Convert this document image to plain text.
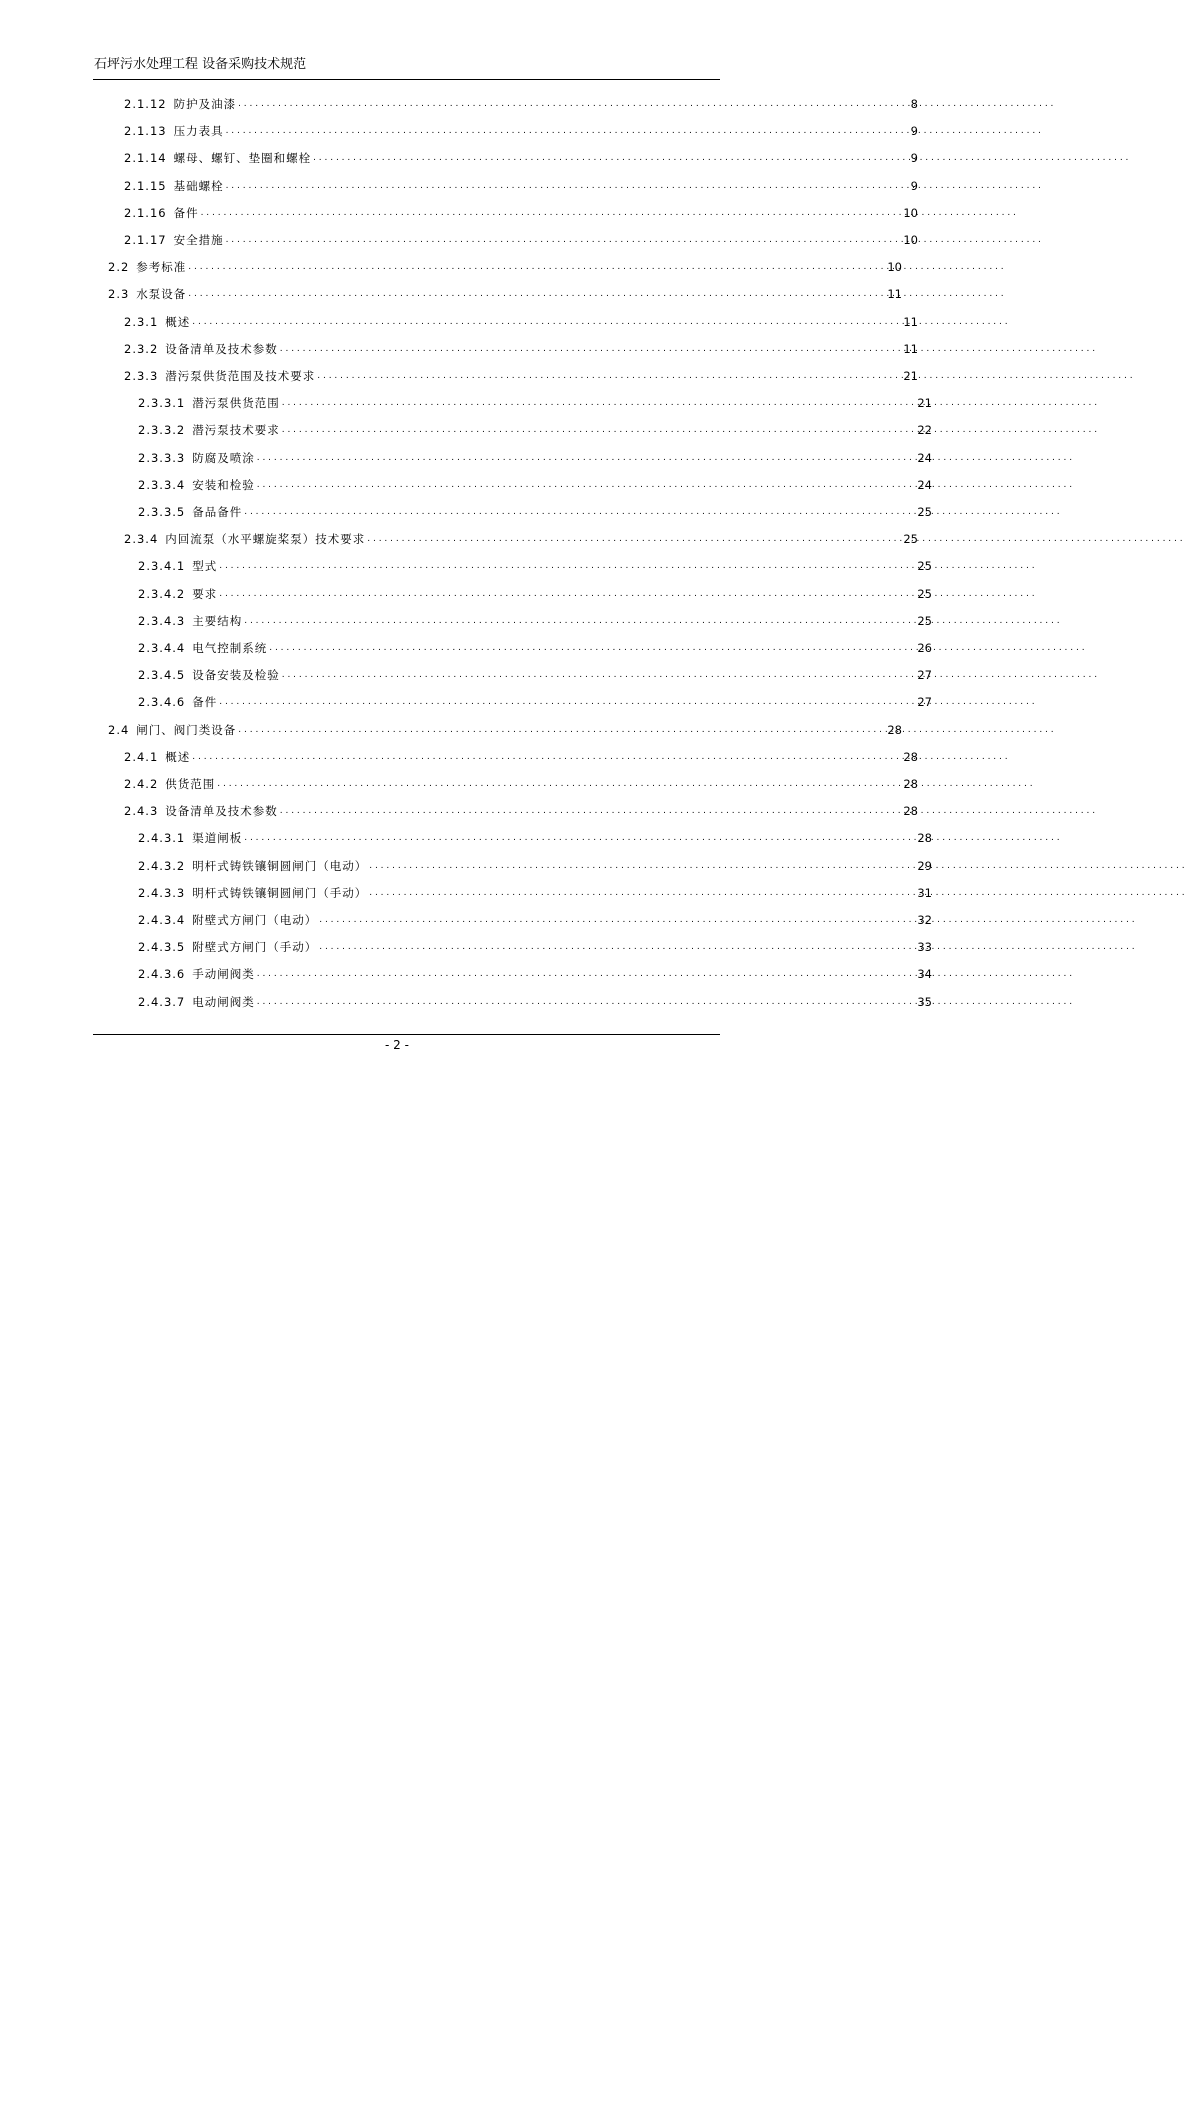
石坪污水处理工程 设备采购技术规范
2.1.12 防护及油漆 . . .	8
2.1.13 压力表具 . . .	9
2.1.14 螺母、螺钉、垫圈和螺栓 . . .	9
2.1.15 基础螺栓 . . .	9
2.1.16 备件 . . .	10
2.1.17 安全措施 . . .	10
2.2 参考标准 . . .	10
2.3 水泵设备 . . .	11
2.3.1 概述 . . .	11
2.3.2 设备清单及技术参数 . . .	11
2.3.3 潜污泵供货范围及技术要求 . . .	21
2.3.3.1 潜污泵供货范围 . . .	21
2.3.3.2 潜污泵技术要求 . . .	22
2.3.3.3 防腐及喷涂 . . .	24
2.3.3.4 安装和检验 . . .	24
2.3.3.5 备品备件 . . .	25
2.3.4 内回流泵（水平螺旋桨泵）技术要求 . . .	25
2.3.4.1 型式 . . .	25
2.3.4.2 要求 . . .	25
2.3.4.3 主要结构 . . .	25
2.3.4.4 电气控制系统 . . .	26
2.3.4.5 设备安装及检验 . . .	27
2.3.4.6 备件 . . .	27
2.4 闸门、阀门类设备 . . .	28
2.4.1 概述 . . .	28
2.4.2 供货范围 . . .	28
2.4.3 设备清单及技术参数 . . .	28
2.4.3.1 渠道闸板 . . .	28
2.4.3.2 明杆式铸铁镶铜圆闸门（电动） . . .	29
2.4.3.3 明杆式铸铁镶铜圆闸门（手动） . . .	31
2.4.3.4 附壁式方闸门（电动） . . .	32
2.4.3.5 附壁式方闸门（手动） . . .	33
2.4.3.6 手动闸阀类 . . .	34
2.4.3.7 电动闸阀类 . . .	35
- 2 -
